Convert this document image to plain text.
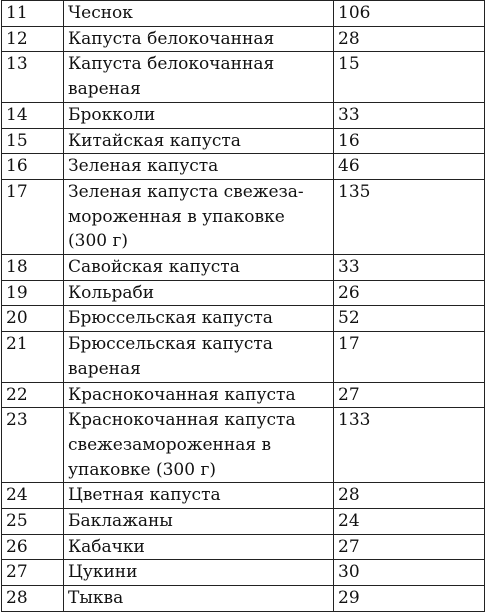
11	Чеснок	106
12	Капуста белокочанная	28
13	Капуста белокочанная вареная	15
14	Брокколи	33
15	Китайская капуста	16
16	Зеленая капуста	46
17	Зеленая капуста свежеза-мороженная в упаковке (300 г)	135
18	Савойская капуста	33
19	Кольраби	26
20	Брюссельская капуста	52
21	Брюссельская капуста вареная	17
22	Краснокочанная капуста	27
23	Краснокочанная капуста свежезамороженная в упаковке (300 г)	133
24	Цветная капуста	28
25	Баклажаны	24
26	Кабачки	27
27	Цукини	30
28	Тыква	29
